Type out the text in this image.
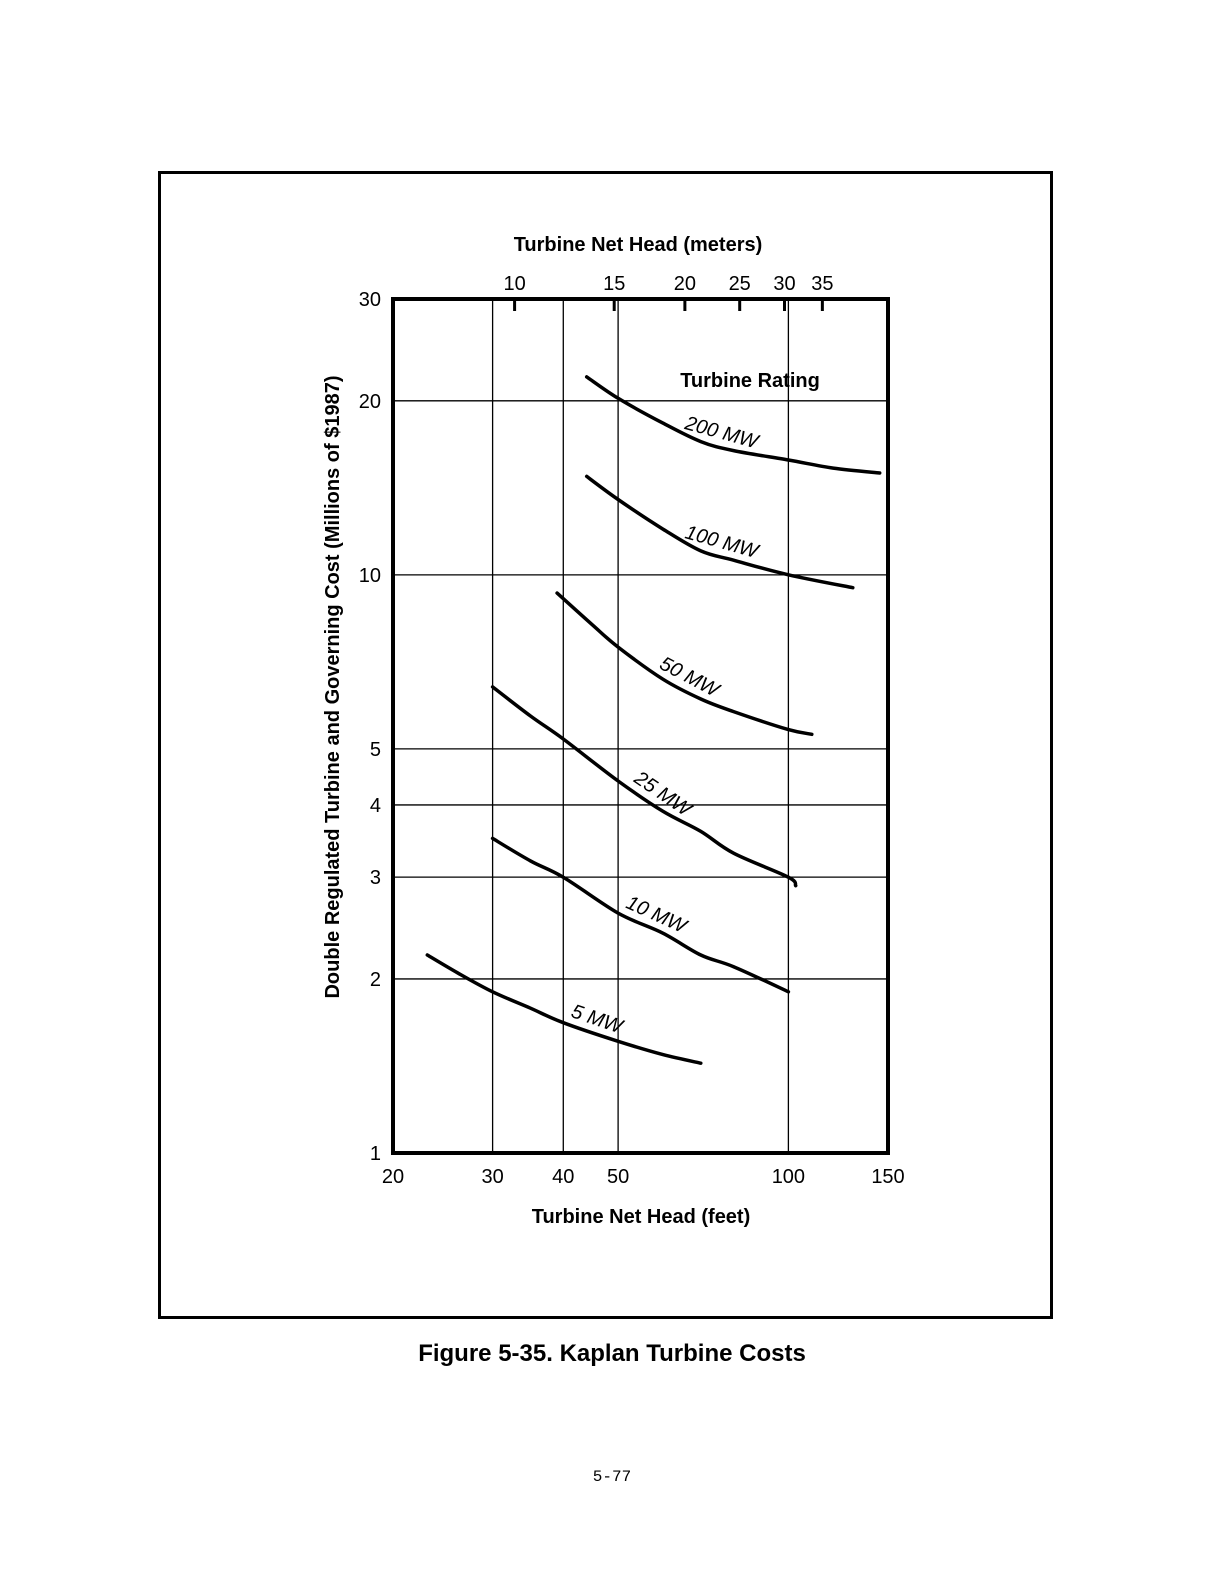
Turbine Net Head (meters)
Turbine Net Head (feet)
Double Regulated Turbine and Governing Cost (Millions of $1987)	Turbine Rating
20	30 40 50	100	150
1
2
3
4
5
10
20
30
10	15 20 25 30 35
200 MW
100 MW
50 MW
25 MW
10 MW
5 MW
Figure 5-35. Kaplan Turbine Costs
5-77
